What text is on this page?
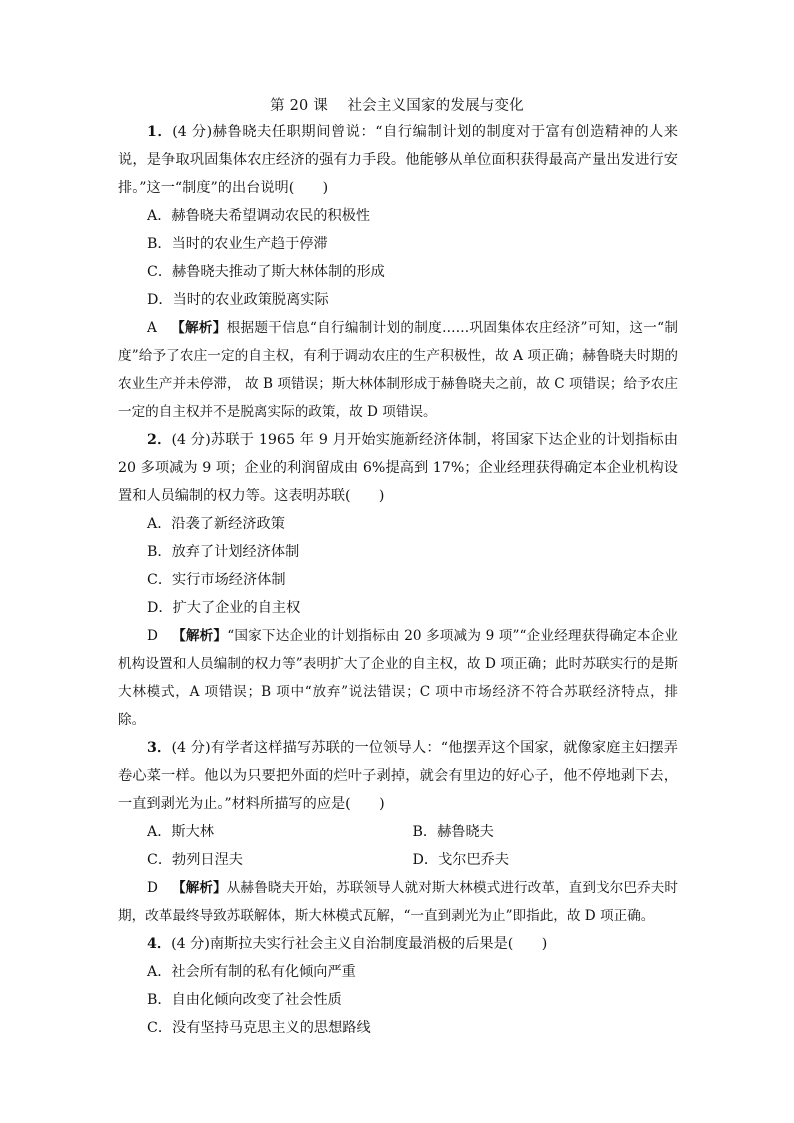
第 20 课　 社会主义国家的发展与变化

1．(4 分)赫鲁晓夫任职期间曾说：“自行编制计划的制度对于富有创造精神的人来说，是争取巩固集体农庄经济的强有力手段。他能够从单位面积获得最高产量出发进行安排。”这一“制度”的出台说明(　　)

A．赫鲁晓夫希望调动农民的积极性
B．当时的农业生产趋于停滞
C．赫鲁晓夫推动了斯大林体制的形成
D．当时的农业政策脱离实际

A 【解析】根据题干信息“自行编制计划的制度……巩固集体农庄经济”可知，这一“制度”给予了农庄一定的自主权，有利于调动农庄的生产积极性，故 A 项正确；赫鲁晓夫时期的农业生产并未停滞， 故 B 项错误；斯大林体制形成于赫鲁晓夫之前，故 C 项错误；给予农庄一定的自主权并不是脱离实际的政策，故 D 项错误。

2．(4 分)苏联于 1965 年 9 月开始实施新经济体制，将国家下达企业的计划指标由 20 多项减为 9 项；企业的利润留成由 6%提高到 17%；企业经理获得确定本企业机构设置和人员编制的权力等。这表明苏联(　　)

A．沿袭了新经济政策
B．放弃了计划经济体制
C．实行市场经济体制
D．扩大了企业的自主权

D 【解析】“国家下达企业的计划指标由 20 多项减为 9 项”“企业经理获得确定本企业机构设置和人员编制的权力等”表明扩大了企业的自主权，故 D 项正确；此时苏联实行的是斯大林模式，A 项错误；B 项中“放弃”说法错误；C 项中市场经济不符合苏联经济特点，排除。

3．(4 分)有学者这样描写苏联的一位领导人：“他摆弄这个国家，就像家庭主妇摆弄卷心菜一样。他以为只要把外面的烂叶子剥掉，就会有里边的好心子，他不停地剥下去，一直到剥光为止。”材料所描写的应是(　　)

A．斯大林	B．赫鲁晓夫
C．勃列日涅夫	D．戈尔巴乔夫

D 【解析】从赫鲁晓夫开始，苏联领导人就对斯大林模式进行改革，直到戈尔巴乔夫时期，改革最终导致苏联解体，斯大林模式瓦解，“一直到剥光为止”即指此，故 D 项正确。

4．(4 分)南斯拉夫实行社会主义自治制度最消极的后果是(　　)

A．社会所有制的私有化倾向严重
B．自由化倾向改变了社会性质
C．没有坚持马克思主义的思想路线
